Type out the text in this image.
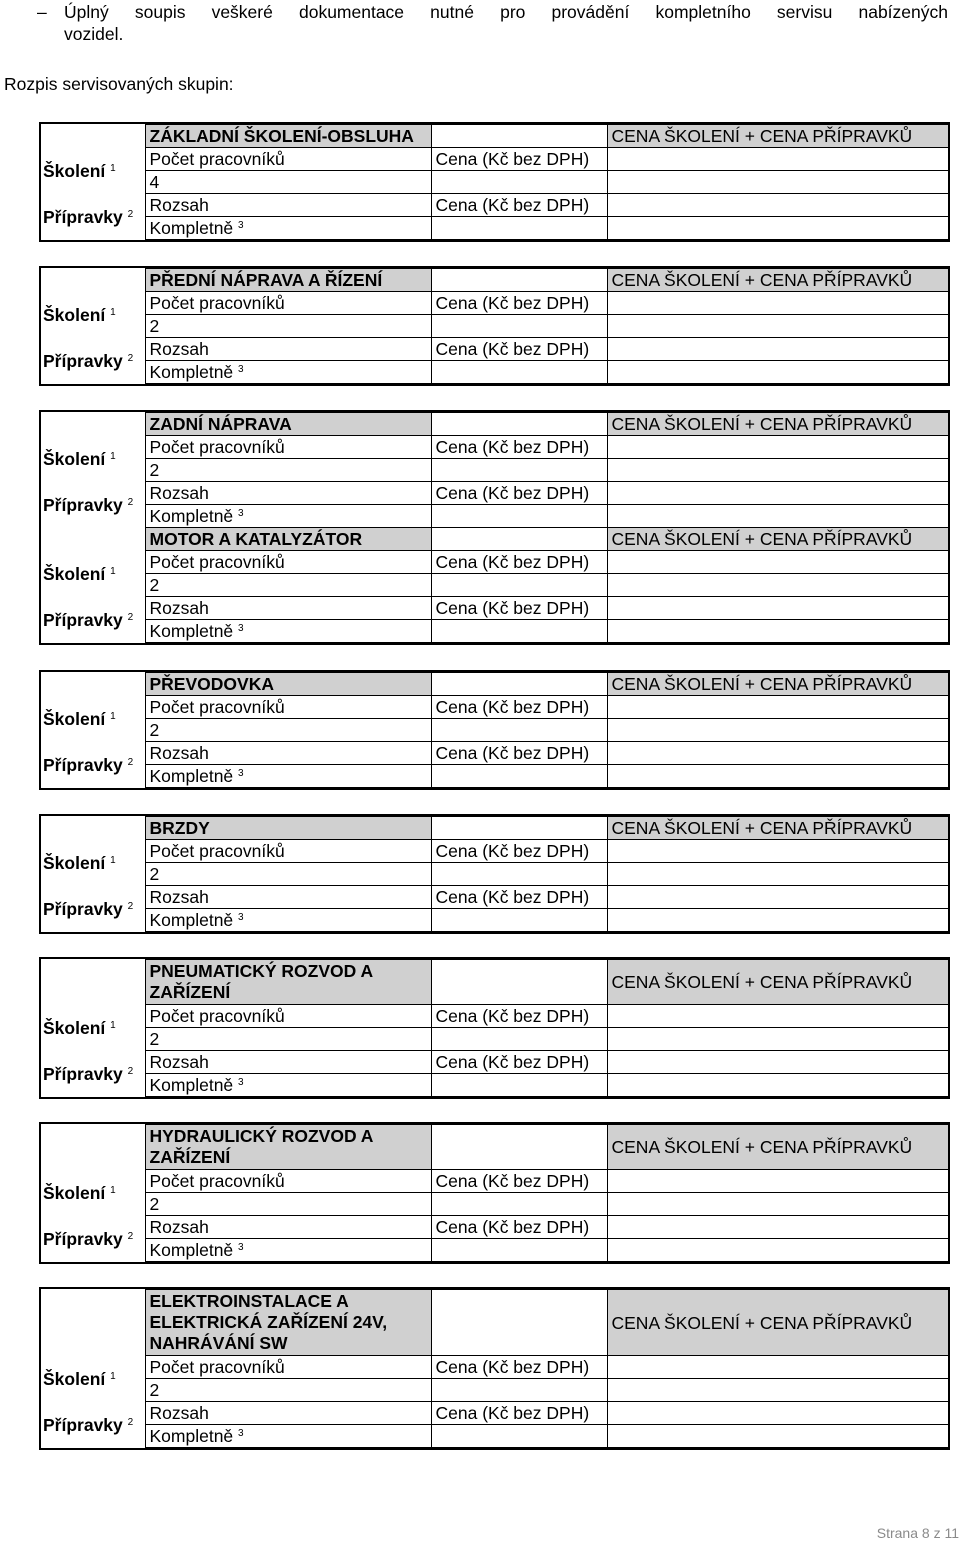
– Úplný soupis veškeré dokumentace nutné pro provádění kompletního servisu nabízených
vozidel.
Rozpis servisovaných skupin:
	ZÁKLADNÍ ŠKOLENÍ-OBSLUHA		CENA ŠKOLENÍ + CENA PŘÍPRAVKŮ
Školení $^1$	Počet pracovníků	Cena (Kč bez DPH)	
	4		
Přípravky $^2$	Rozsah	Cena (Kč bez DPH)	
	Kompletně $^3$		
	PŘEDNÍ NÁPRAVA A ŘÍZENÍ		CENA ŠKOLENÍ + CENA PŘÍPRAVKŮ
Školení $^1$	Počet pracovníků	Cena (Kč bez DPH)	
	2		
Přípravky $^2$	Rozsah	Cena (Kč bez DPH)	
	Kompletně $^3$		
	ZADNÍ NÁPRAVA		CENA ŠKOLENÍ + CENA PŘÍPRAVKŮ
Školení $^1$	Počet pracovníků	Cena (Kč bez DPH)	
	2		
Přípravky $^2$	Rozsah	Cena (Kč bez DPH)	
	Kompletně $^3$		
	MOTOR A KATALYZÁTOR		CENA ŠKOLENÍ + CENA PŘÍPRAVKŮ
Školení $^1$	Počet pracovníků	Cena (Kč bez DPH)	
	2		
Přípravky $^2$	Rozsah	Cena (Kč bez DPH)	
	Kompletně $^3$		
	PŘEVODOVKA		CENA ŠKOLENÍ + CENA PŘÍPRAVKŮ
Školení $^1$	Počet pracovníků	Cena (Kč bez DPH)	
	2		
Přípravky $^2$	Rozsah	Cena (Kč bez DPH)	
	Kompletně $^3$		
	BRZDY		CENA ŠKOLENÍ + CENA PŘÍPRAVKŮ
Školení $^1$	Počet pracovníků	Cena (Kč bez DPH)	
	2		
Přípravky $^2$	Rozsah	Cena (Kč bez DPH)	
	Kompletně $^3$		
	PNEUMATICKÝ ROZVOD A ZAŘÍZENÍ		CENA ŠKOLENÍ + CENA PŘÍPRAVKŮ
Školení $^1$	Počet pracovníků	Cena (Kč bez DPH)	
	2		
Přípravky $^2$	Rozsah	Cena (Kč bez DPH)	
	Kompletně $^3$		
	HYDRAULICKÝ ROZVOD A ZAŘÍZENÍ		CENA ŠKOLENÍ + CENA PŘÍPRAVKŮ
Školení $^1$	Počet pracovníků	Cena (Kč bez DPH)	
	2		
Přípravky $^2$	Rozsah	Cena (Kč bez DPH)	
	Kompletně $^3$		
	ELEKTROINSTALACE A ELEKTRICKÁ ZAŘÍZENÍ 24V, NAHRÁVÁNÍ SW		CENA ŠKOLENÍ + CENA PŘÍPRAVKŮ
Školení $^1$	Počet pracovníků	Cena (Kč bez DPH)	
	2		
Přípravky $^2$	Rozsah	Cena (Kč bez DPH)	
	Kompletně $^3$		
Strana 8 z 11
